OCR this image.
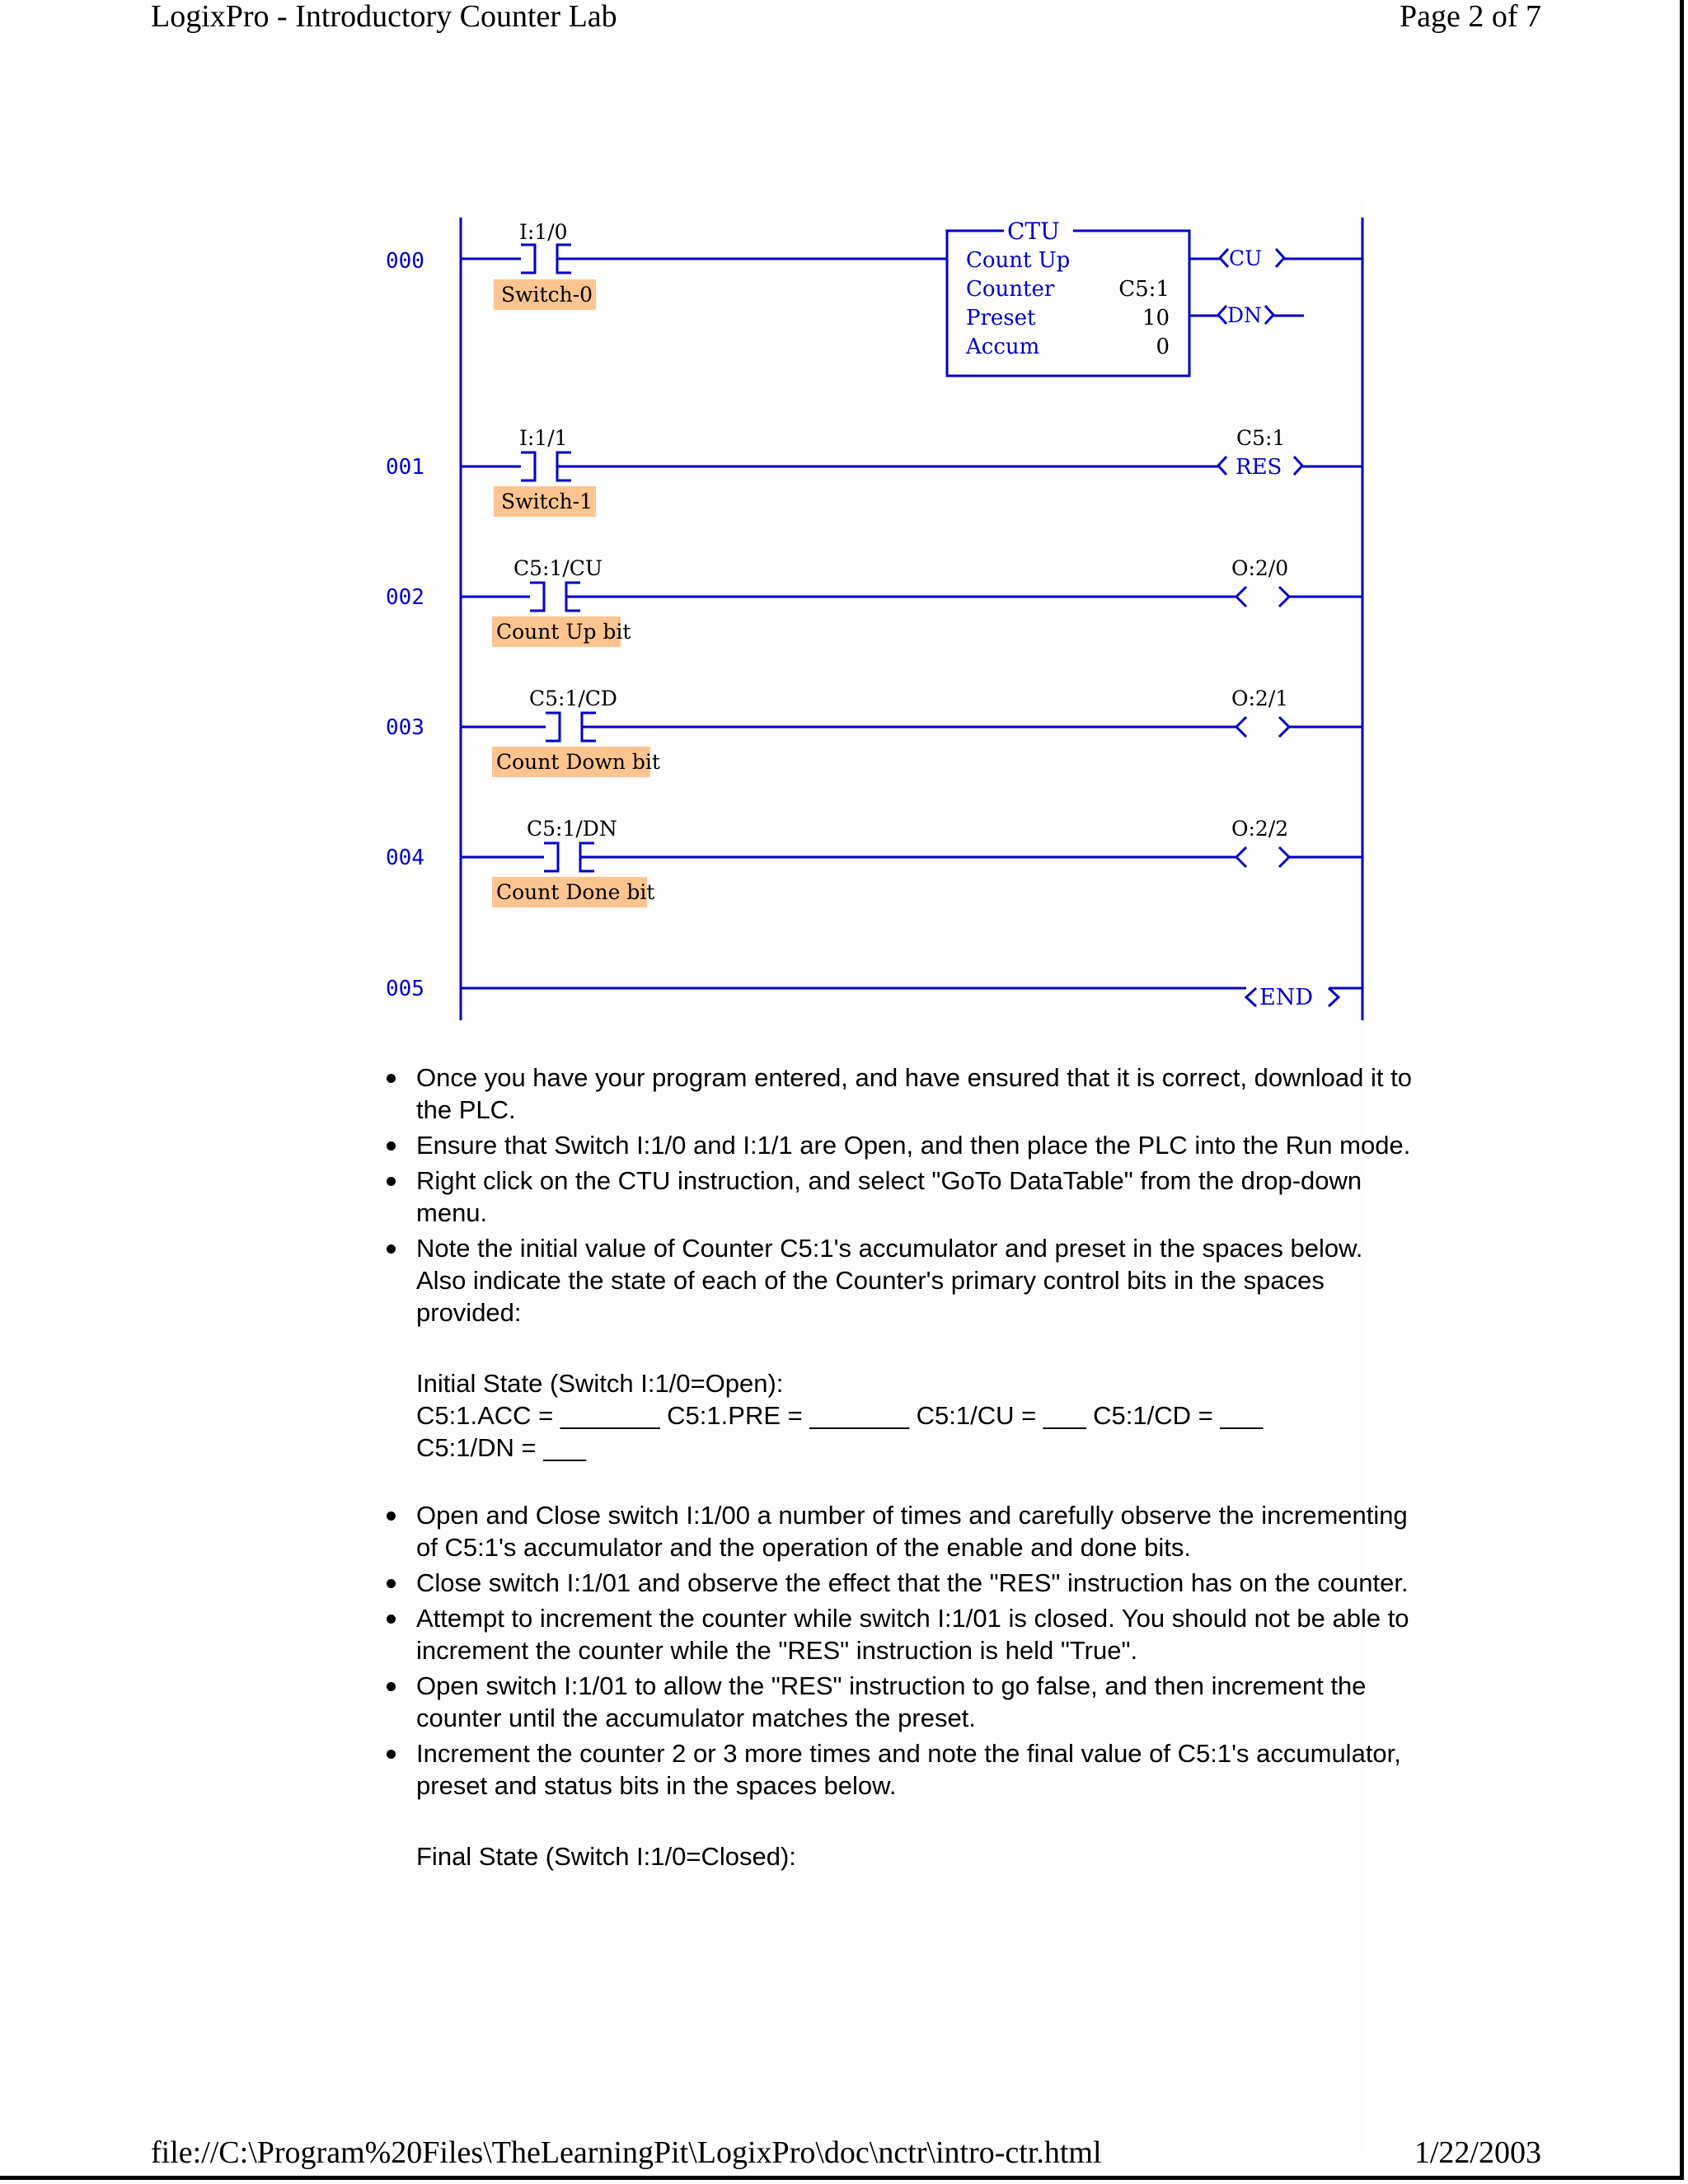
LogixPro - Introductory Counter Lab	Page 2 of 7
000
I:1/0
Switch-0
CTU
Count Up
Counter	C5:1
Preset	10
Accum	0
CU
DN
001
I:1/1
Switch-1
C5:1
RES
002
C5:1/CU
Count Up bit
O:2/0
003
C5:1/CD
Count Down bit
O:2/1
004
C5:1/DN
Count Done bit
O:2/2
005	END
Once you have your program entered, and have ensured that it is correct, download it to the PLC.
Ensure that Switch I:1/0 and I:1/1 are Open, and then place the PLC into the Run mode.
Right click on the CTU instruction, and select "GoTo DataTable" from the drop-down menu.
Note the initial value of Counter C5:1's accumulator and preset in the spaces below. Also indicate the state of each of the Counter's primary control bits in the spaces provided:
Initial State (Switch I:1/0=Open):
C5:1.ACC = _______ C5:1.PRE = _______ C5:1/CU = ___ C5:1/CD = ___
C5:1/DN = ___
Open and Close switch I:1/00 a number of times and carefully observe the incrementing of C5:1's accumulator and the operation of the enable and done bits.
Close switch I:1/01 and observe the effect that the "RES" instruction has on the counter.
Attempt to increment the counter while switch I:1/01 is closed. You should not be able to increment the counter while the "RES" instruction is held "True".
Open switch I:1/01 to allow the "RES" instruction to go false, and then increment the counter until the accumulator matches the preset.
Increment the counter 2 or 3 more times and note the final value of C5:1's accumulator, preset and status bits in the spaces below.
Final State (Switch I:1/0=Closed):
file://C:\Program%20Files\TheLearningPit\LogixPro\doc\nctr\intro-ctr.html	1/22/2003
